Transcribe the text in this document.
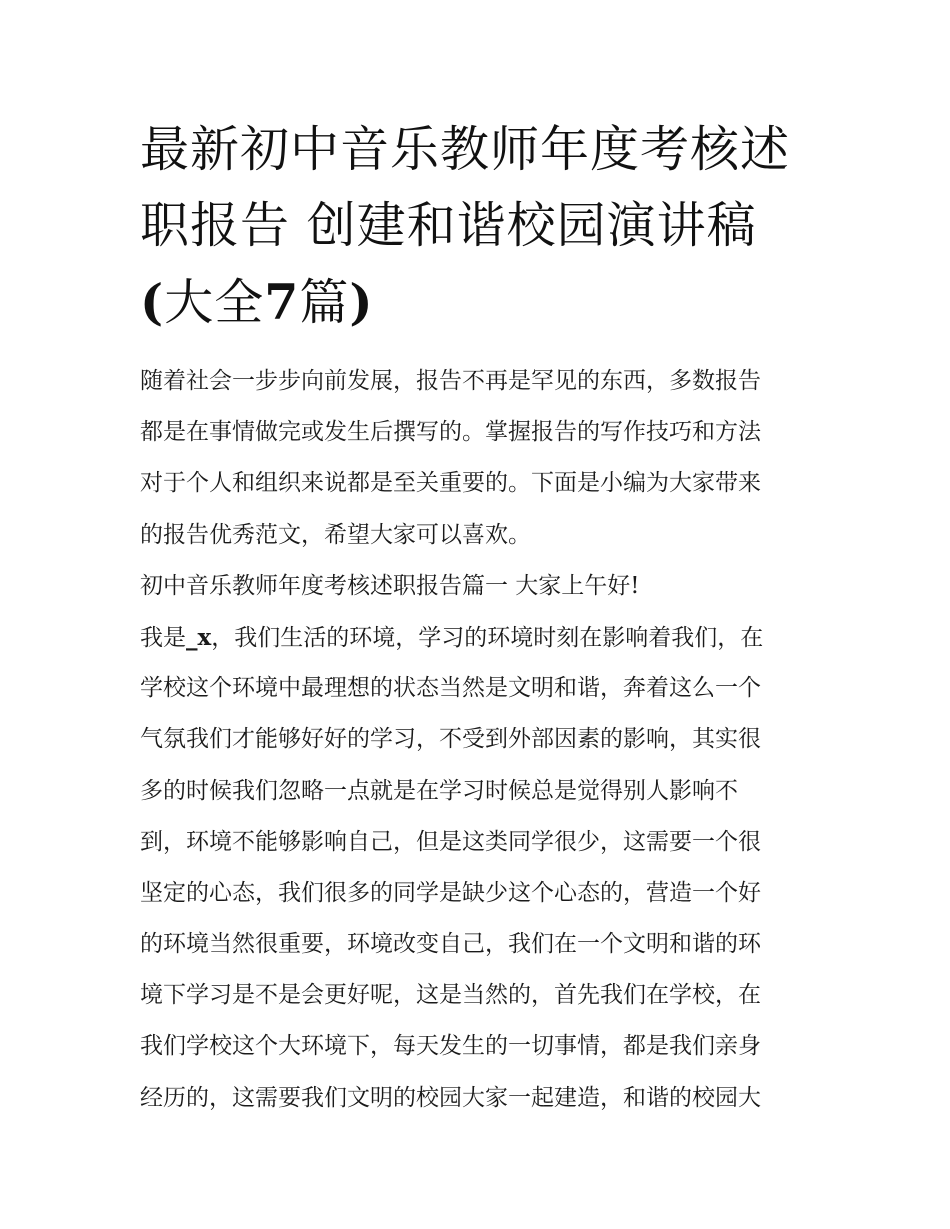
最新初中音乐教师年度考核述
职报告 创建和谐校园演讲稿
(大全7篇)
随着社会一步步向前发展，报告不再是罕见的东西，多数报告
都是在事情做完或发生后撰写的。掌握报告的写作技巧和方法
对于个人和组织来说都是至关重要的。下面是小编为大家带来
的报告优秀范文，希望大家可以喜欢。
初中音乐教师年度考核述职报告篇一 大家上午好!
我是_x，我们生活的环境，学习的环境时刻在影响着我们，在
学校这个环境中最理想的状态当然是文明和谐，奔着这么一个
气氛我们才能够好好的学习，不受到外部因素的影响，其实很
多的时候我们忽略一点就是在学习时候总是觉得别人影响不
到，环境不能够影响自己，但是这类同学很少，这需要一个很
坚定的心态，我们很多的同学是缺少这个心态的，营造一个好
的环境当然很重要，环境改变自己，我们在一个文明和谐的环
境下学习是不是会更好呢，这是当然的，首先我们在学校，在
我们学校这个大环境下，每天发生的一切事情，都是我们亲身
经历的，这需要我们文明的校园大家一起建造，和谐的校园大
